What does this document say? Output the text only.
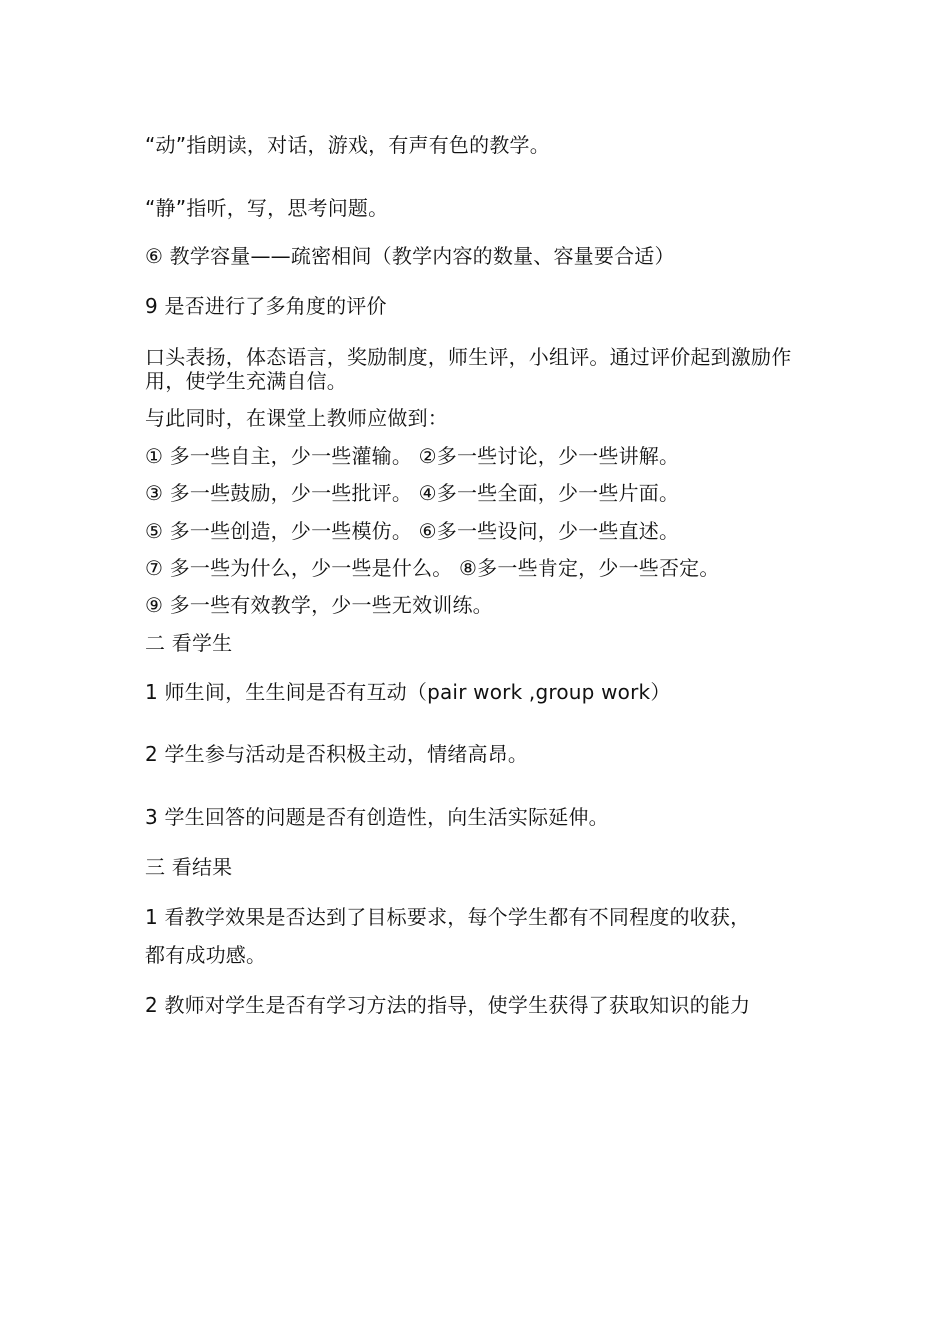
“动”指朗读，对话，游戏，有声有色的教学。
“静”指听，写，思考问题。
⑥ 教学容量——疏密相间（教学内容的数量、容量要合适）
9 是否进行了多角度的评价
口头表扬，体态语言，奖励制度，师生评，小组评。通过评价起到激励作用，使学生充满自信。
与此同时，在课堂上教师应做到：
① 多一些自主，少一些灌输。 ②多一些讨论，少一些讲解。
③ 多一些鼓励，少一些批评。 ④多一些全面，少一些片面。
⑤ 多一些创造，少一些模仿。 ⑥多一些设问，少一些直述。
⑦ 多一些为什么，少一些是什么。 ⑧多一些肯定，少一些否定。
⑨ 多一些有效教学，少一些无效训练。
二 看学生
1 师生间，生生间是否有互动（pair work ,group work）
2 学生参与活动是否积极主动，情绪高昂。
3 学生回答的问题是否有创造性，向生活实际延伸。
三 看结果
1 看教学效果是否达到了目标要求，每个学生都有不同程度的收获，
都有成功感。
2 教师对学生是否有学习方法的指导，使学生获得了获取知识的能力
